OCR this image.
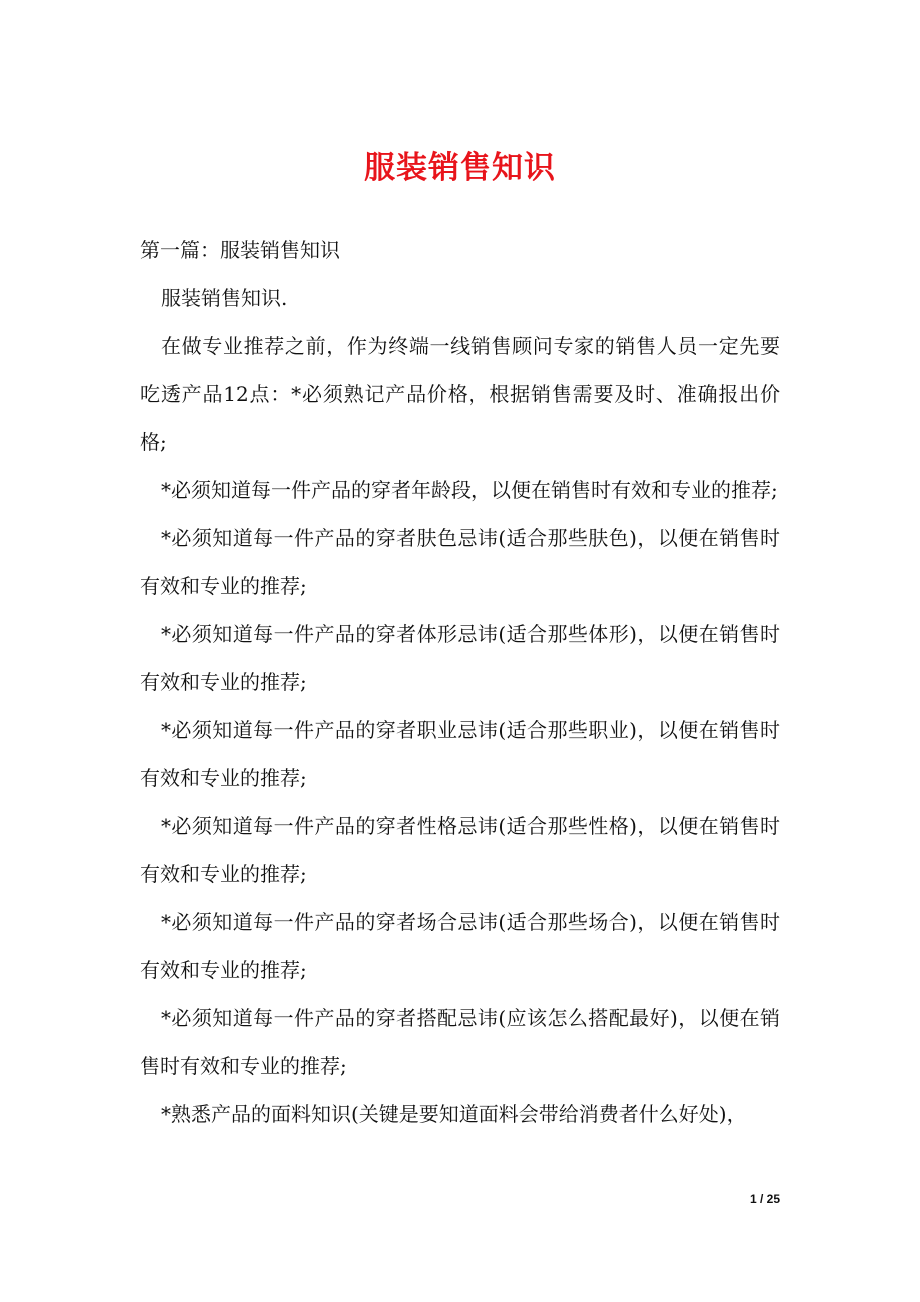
服装销售知识

第一篇：服装销售知识

服装销售知识.

在做专业推荐之前，作为终端一线销售顾问专家的销售人员一定先要吃透产品12点：*必须熟记产品价格，根据销售需要及时、准确报出价格;

*必须知道每一件产品的穿者年龄段，以便在销售时有效和专业的推荐;

*必须知道每一件产品的穿者肤色忌讳(适合那些肤色)，以便在销售时有效和专业的推荐;

*必须知道每一件产品的穿者体形忌讳(适合那些体形)，以便在销售时有效和专业的推荐;

*必须知道每一件产品的穿者职业忌讳(适合那些职业)，以便在销售时有效和专业的推荐;

*必须知道每一件产品的穿者性格忌讳(适合那些性格)，以便在销售时有效和专业的推荐;

*必须知道每一件产品的穿者场合忌讳(适合那些场合)，以便在销售时有效和专业的推荐;

*必须知道每一件产品的穿者搭配忌讳(应该怎么搭配最好)，以便在销售时有效和专业的推荐;

*熟悉产品的面料知识(关键是要知道面料会带给消费者什么好处)，

1 / 25
